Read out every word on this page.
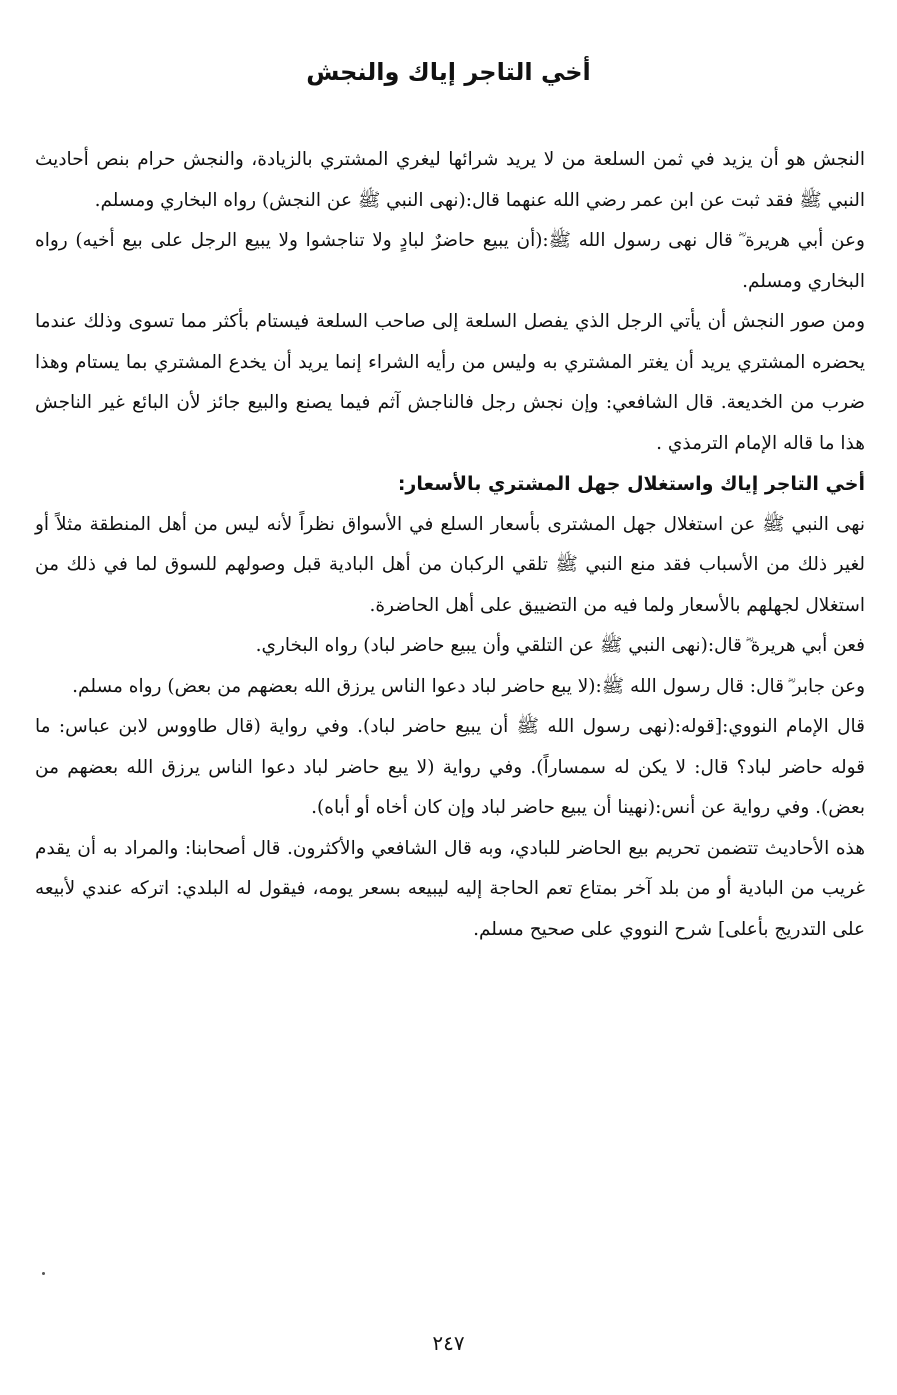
أخي التاجر إياك والنجش

النجش هو أن يزيد في ثمن السلعة من لا يريد شرائها ليغري المشتري بالزيادة، والنجش حرام بنص أحاديث النبي ﷺ فقد ثبت عن ابن عمر رضي الله عنهما قال:(نهى النبي ﷺ عن النجش) رواه البخاري ومسلم.

وعن أبي هريرة ؓ قال نهى رسول الله ﷺ:(أن يبيع حاضرٌ لبادٍ ولا تناجشوا ولا يبيع الرجل على بيع أخيه) رواه البخاري ومسلم.

ومن صور النجش أن يأتي الرجل الذي يفصل السلعة إلى صاحب السلعة فيستام بأكثر مما تسوى وذلك عندما يحضره المشتري يريد أن يغتر المشتري به وليس من رأيه الشراء إنما يريد أن يخدع المشتري بما يستام وهذا ضرب من الخديعة. قال الشافعي: وإن نجش رجل فالناجش آثم فيما يصنع والبيع جائز لأن البائع غير الناجش هذا ما قاله الإمام الترمذي .

أخي التاجر إياك واستغلال جهل المشتري بالأسعار:

نهى النبي ﷺ عن استغلال جهل المشترى بأسعار السلع في الأسواق نظراً لأنه ليس من أهل المنطقة مثلاً أو لغير ذلك من الأسباب فقد منع النبي ﷺ تلقي الركبان من أهل البادية قبل وصولهم للسوق لما في ذلك من استغلال لجهلهم بالأسعار ولما فيه من التضييق على أهل الحاضرة.

فعن أبي هريرة ؓ قال:(نهى النبي ﷺ عن التلقي وأن يبيع حاضر لباد) رواه البخاري.

وعن جابر ؓ قال: قال رسول الله ﷺ:(لا يبع حاضر لباد دعوا الناس يرزق الله بعضهم من بعض) رواه مسلم.

قال الإمام النووي:[قوله:(نهى رسول الله ﷺ أن يبيع حاضر لباد). وفي رواية (قال طاووس لابن عباس: ما قوله حاضر لباد؟ قال: لا يكن له سمساراً). وفي رواية (لا يبع حاضر لباد دعوا الناس يرزق الله بعضهم من بعض). وفي رواية عن أنس:(نهينا أن يبيع حاضر لباد وإن كان أخاه أو أباه).

هذه الأحاديث تتضمن تحريم بيع الحاضر للبادي، وبه قال الشافعي والأكثرون. قال أصحابنا: والمراد به أن يقدم غريب من البادية أو من بلد آخر بمتاع تعم الحاجة إليه ليبيعه بسعر يومه، فيقول له البلدي: اتركه عندي لأبيعه على التدريج بأعلى] شرح النووي على صحيح مسلم.

٢٤٧
